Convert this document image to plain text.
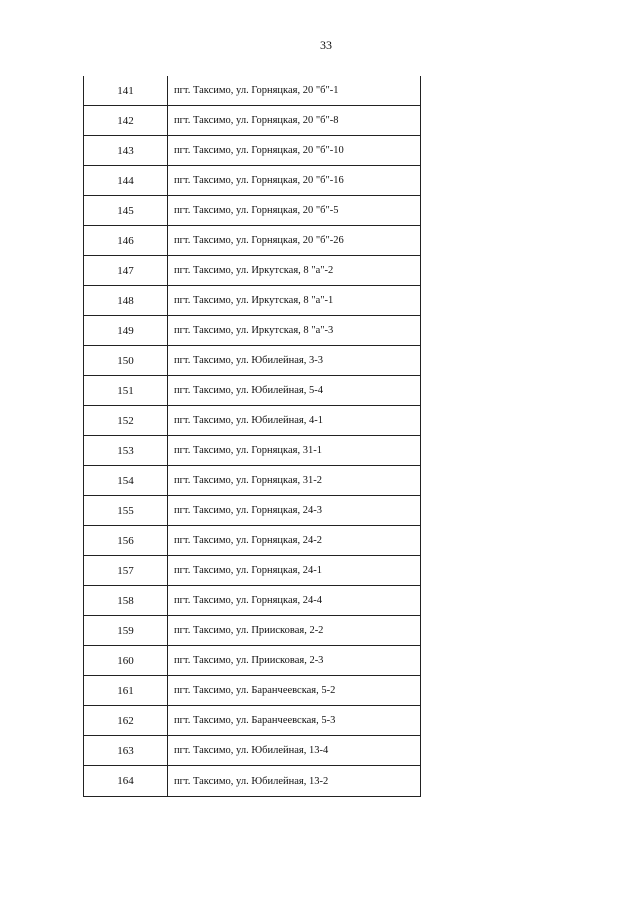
33
141	пгт. Таксимо, ул. Горняцкая, 20 "б"-1
142	пгт. Таксимо, ул. Горняцкая, 20 "б"-8
143	пгт. Таксимо, ул. Горняцкая, 20 "б"-10
144	пгт. Таксимо, ул. Горняцкая, 20 "б"-16
145	пгт. Таксимо, ул. Горняцкая, 20 "б"-5
146	пгт. Таксимо, ул. Горняцкая, 20 "б"-26
147	пгт. Таксимо, ул. Иркутская, 8 "а"-2
148	пгт. Таксимо, ул. Иркутская, 8 "а"-1
149	пгт. Таксимо, ул. Иркутская, 8 "а"-3
150	пгт. Таксимо, ул. Юбилейная, 3-3
151	пгт. Таксимо, ул. Юбилейная, 5-4
152	пгт. Таксимо, ул. Юбилейная, 4-1
153	пгт. Таксимо, ул. Горняцкая, 31-1
154	пгт. Таксимо, ул. Горняцкая, 31-2
155	пгт. Таксимо, ул. Горняцкая, 24-3
156	пгт. Таксимо, ул. Горняцкая, 24-2
157	пгт. Таксимо, ул. Горняцкая, 24-1
158	пгт. Таксимо, ул. Горняцкая, 24-4
159	пгт. Таксимо, ул. Приисковая, 2-2
160	пгт. Таксимо, ул. Приисковая, 2-3
161	пгт. Таксимо, ул. Баранчеевская, 5-2
162	пгт. Таксимо, ул. Баранчеевская, 5-3
163	пгт. Таксимо, ул. Юбилейная, 13-4
164	пгт. Таксимо, ул. Юбилейная, 13-2
